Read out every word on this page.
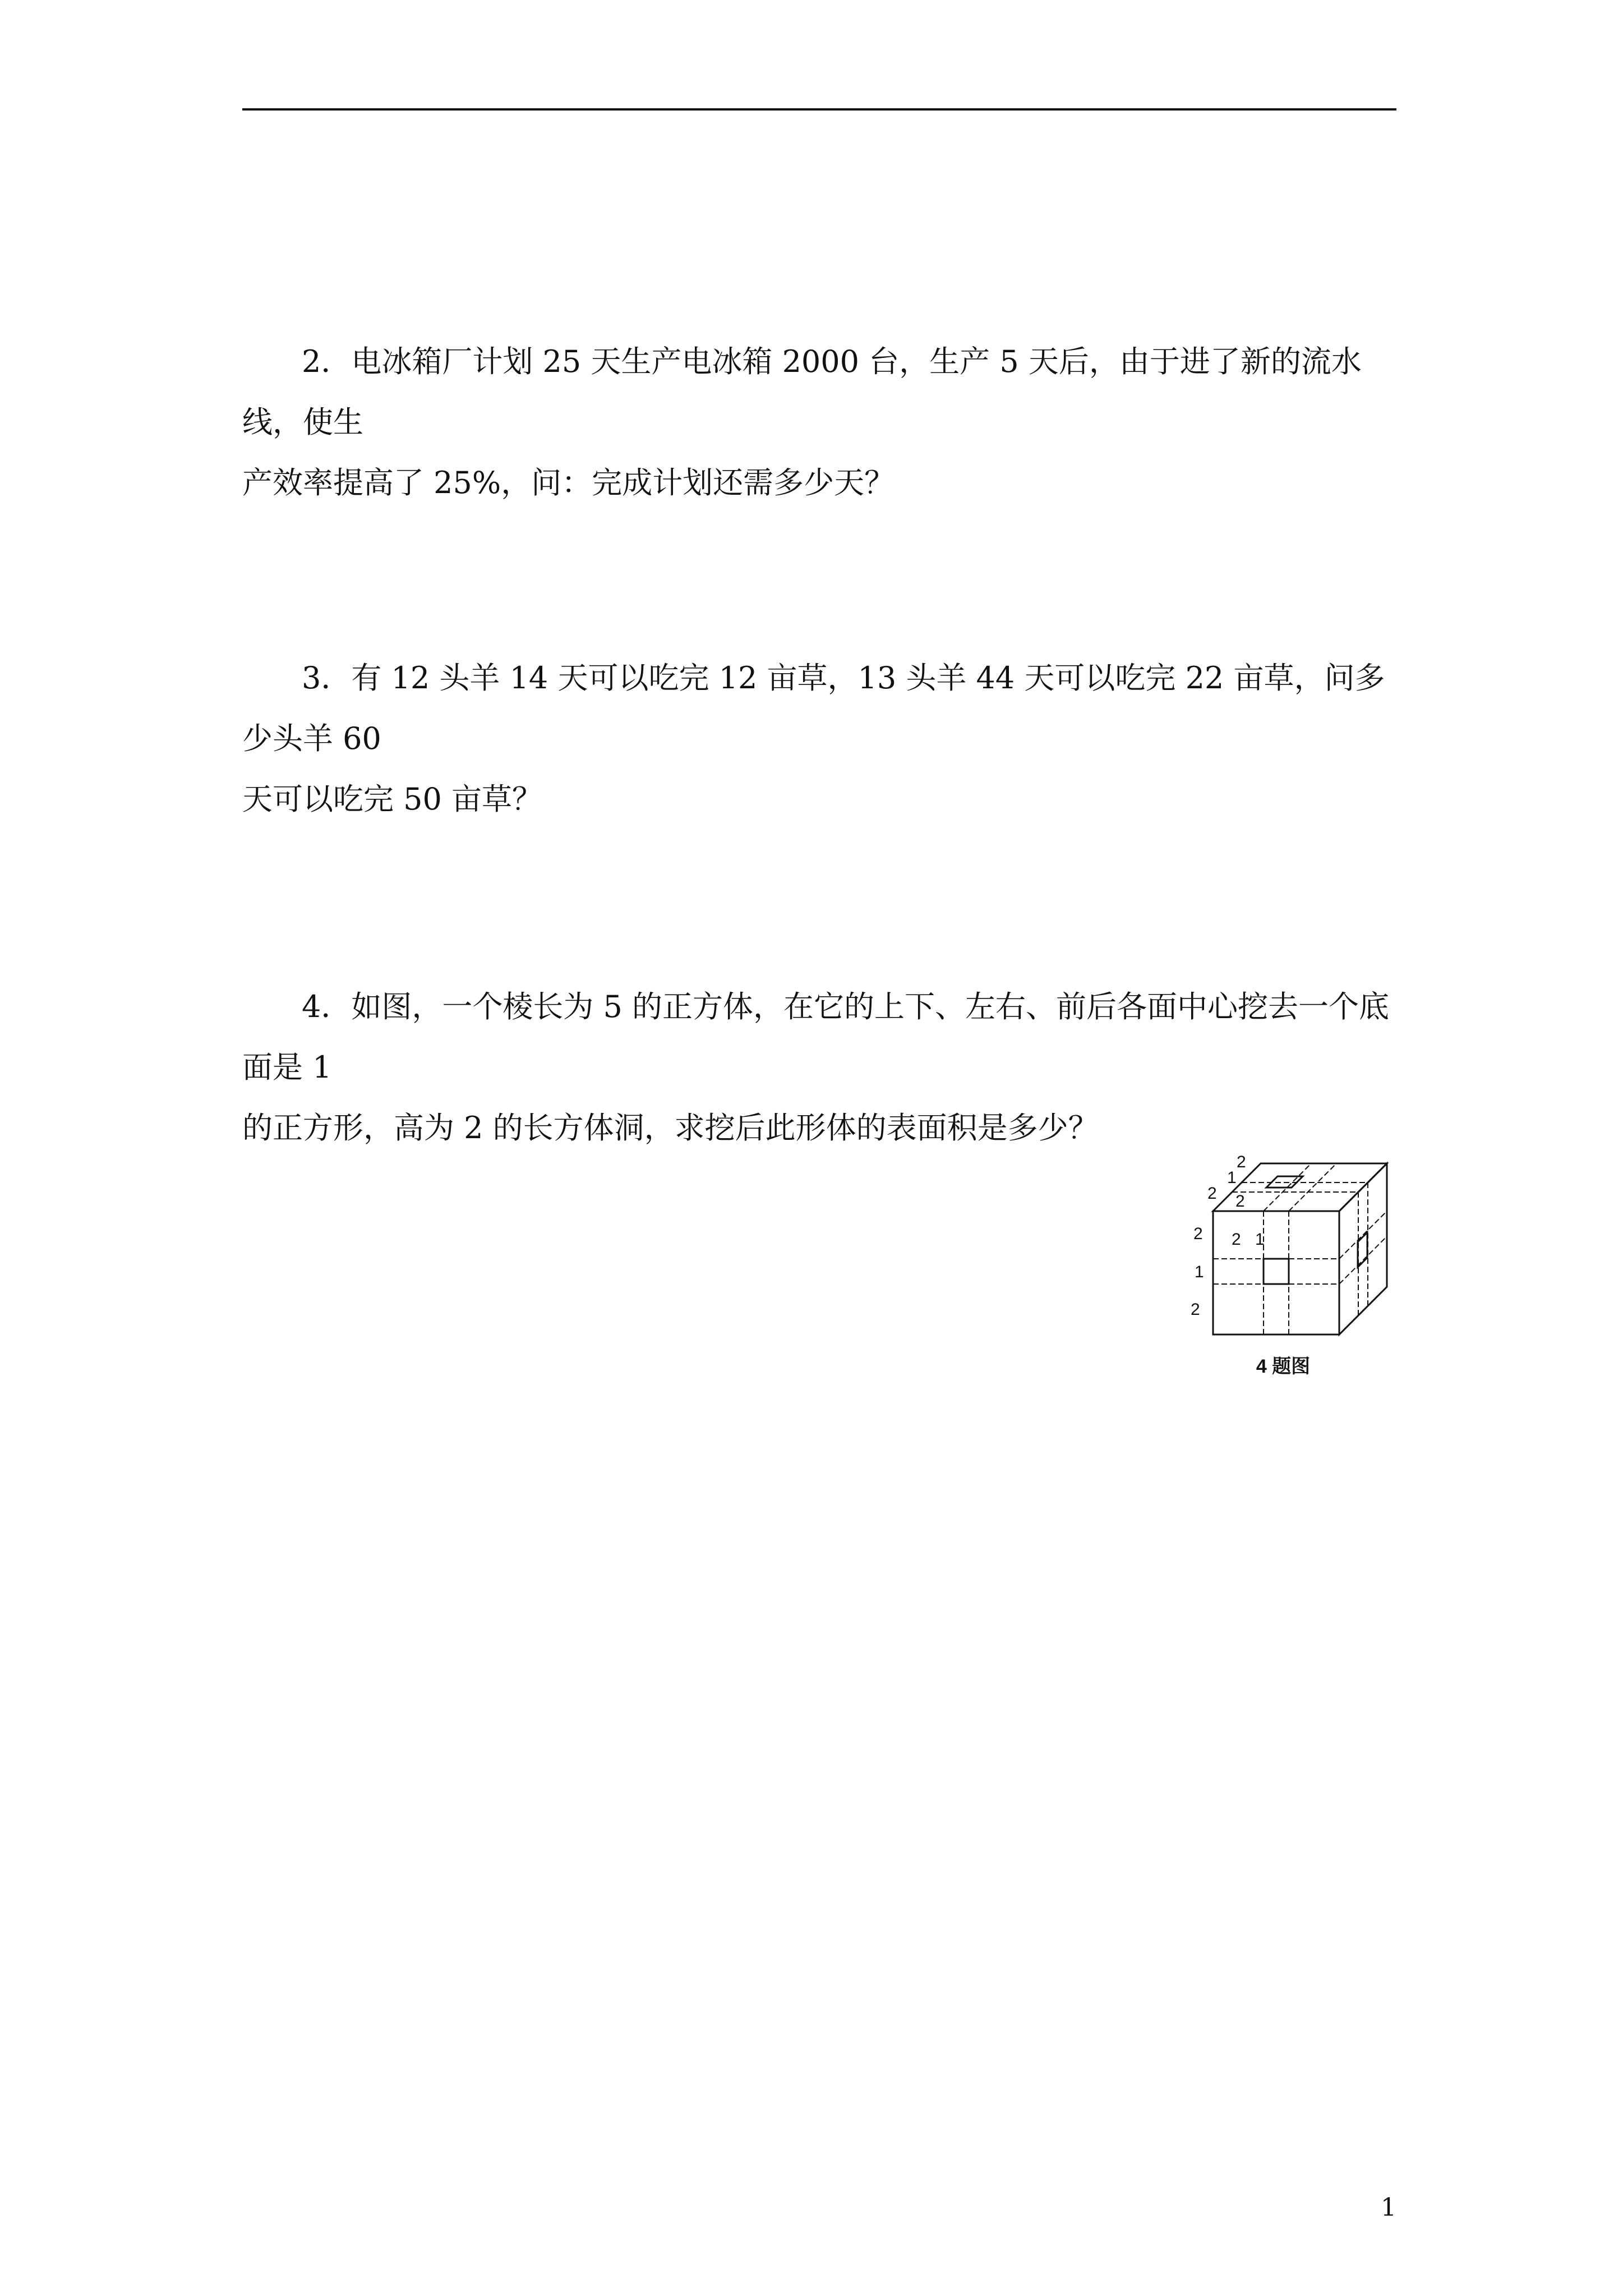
2．电冰箱厂计划 25 天生产电冰箱 2000 台，生产 5 天后，由于进了新的流水线，使生

产效率提高了 25%，问：完成计划还需多少天？

3．有 12 头羊 14 天可以吃完 12 亩草，13 头羊 44 天可以吃完 22 亩草，问多少头羊 60

天可以吃完 50 亩草？

4．如图，一个棱长为 5 的正方体，在它的上下、左右、前后各面中心挖去一个底面是 1

的正方形，高为 2 的长方体洞，求挖后此形体的表面积是多少？

2
1
2 2
2 2 1
1
2
4 题图
1
